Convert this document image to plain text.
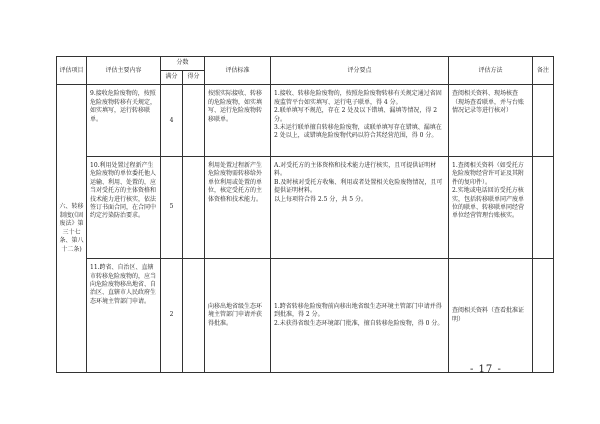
评估项目	评估主要内容	分数		评估标准	评分要点	评估方法	备注
		满分	得分				
六、转移制度(《固废法》第三十七条、第八十二条)	9.接收危险废物的，按照危险废物转移有关规定，如实填写，运行转移联单。	4		按照实际接收、转移的危险废物，如实填写、运行危险废物转移联单。	1.接收、转移危险废物的，按照危险废物转移有关规定通过省固废监管平台如实填写、运行电子联单，得 4 分。
2.联单填写不规范，存在 2 处及以下错填、漏填等情况，得 2 分。
3.未运行联单擅自转移危险废物，或联单填写存在错填、漏填在 2 处以上，或错填危险废物代码以符合其经营范围，得 0 分。	查阅相关资料、现场核查（现场查看联单，并与台账情况记录等进行核对）	
	10.利用处置过程新产生危险废物的单位委托他人运输、利用、处置的，应当对受托方的主体资格和技术能力进行核实，依法签订书面合同，在合同中约定污染防治要求。	5		利用处置过程新产生危险废物需转移给外单位利用或处置的单位，核定受托方的主体资格和技术能力。	A.对受托方的主体资格和技术能力进行核实，且可提供证明材料。
B.及时核对受托方收集、利用或者处置相关危险废物情况，且可提供证明材料。
以上每项符合得 2.5 分，共 5 分。	1.查阅相关资料（如受托方危险废物经营许可证及其附件的复印件）。
2.实地或电话回访受托方核实，包括转移联单同产废单位的联单、转移联单同经营单位经营管理台账核实。	
	11.跨省、自治区、直辖市转移危险废物的，应当向危险废物移出地省、自治区、直辖市人民政府生态环境主管部门申请。	2		向移出地省级生态环境主管部门申请并获得批准。	1.跨省转移危险废物前向移出地省级生态环境主管部门申请并得到批准，得 2 分。
2.未获得省级生态环境部门批准，擅自转移危险废物，得 0 分。	查阅相关资料（查看批准证明）	
- 17 -
